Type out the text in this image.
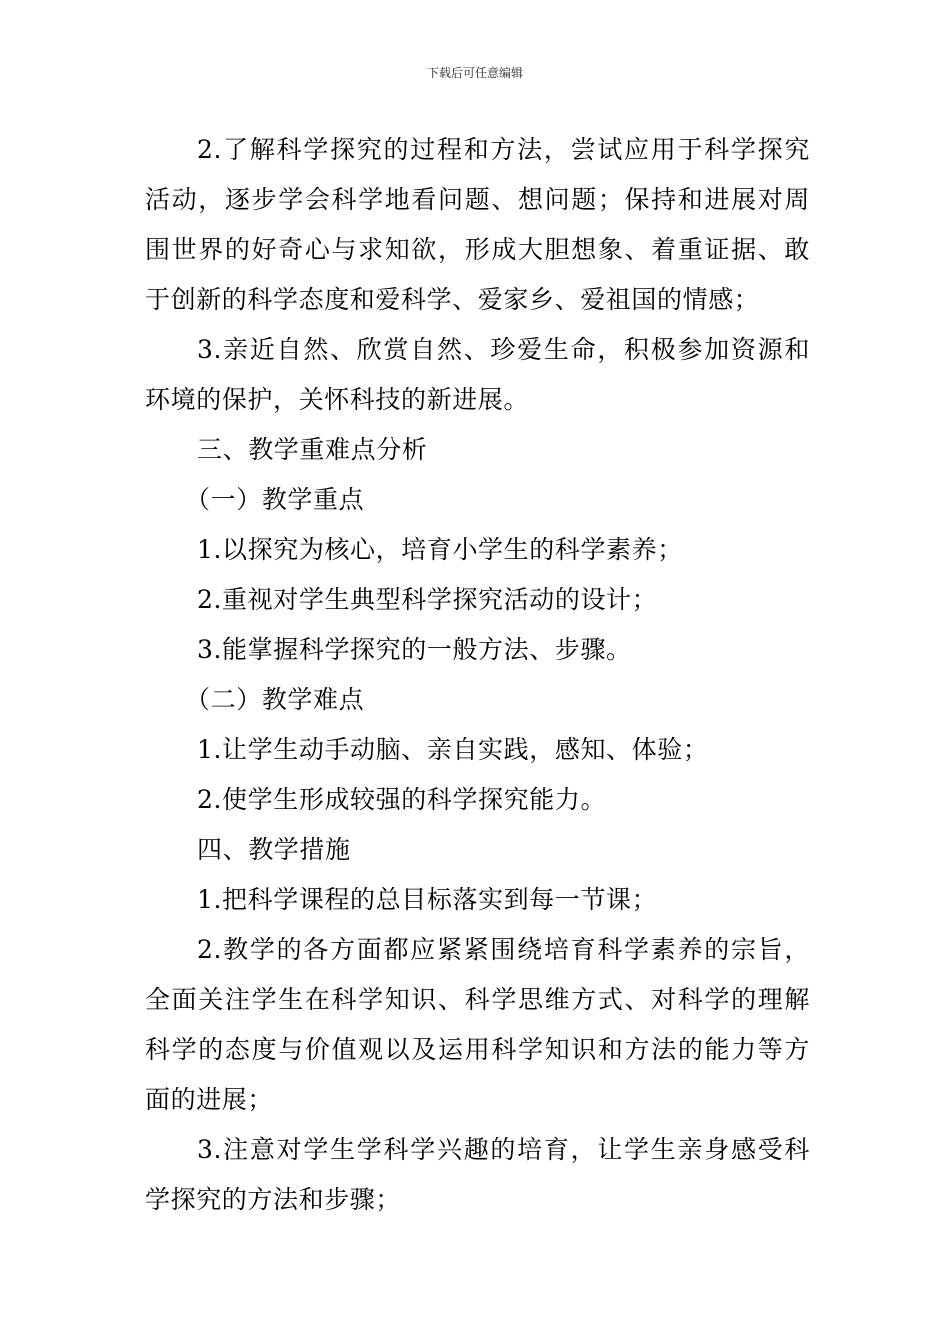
下载后可任意编辑

2.了解科学探究的过程和方法，尝试应用于科学探究活动，逐步学会科学地看问题、想问题；保持和进展对周围世界的好奇心与求知欲，形成大胆想象、着重证据、敢于创新的科学态度和爱科学、爱家乡、爱祖国的情感；

3.亲近自然、欣赏自然、珍爱生命，积极参加资源和环境的保护，关怀科技的新进展。

三、教学重难点分析

（一）教学重点

1.以探究为核心，培育小学生的科学素养；

2.重视对学生典型科学探究活动的设计；

3.能掌握科学探究的一般方法、步骤。

（二）教学难点

1.让学生动手动脑、亲自实践，感知、体验；

2.使学生形成较强的科学探究能力。

四、教学措施

1.把科学课程的总目标落实到每一节课；

2.教学的各方面都应紧紧围绕培育科学素养的宗旨，全面关注学生在科学知识、科学思维方式、对科学的理解科学的态度与价值观以及运用科学知识和方法的能力等方面的进展；

3.注意对学生学科学兴趣的培育，让学生亲身感受科学探究的方法和步骤；
